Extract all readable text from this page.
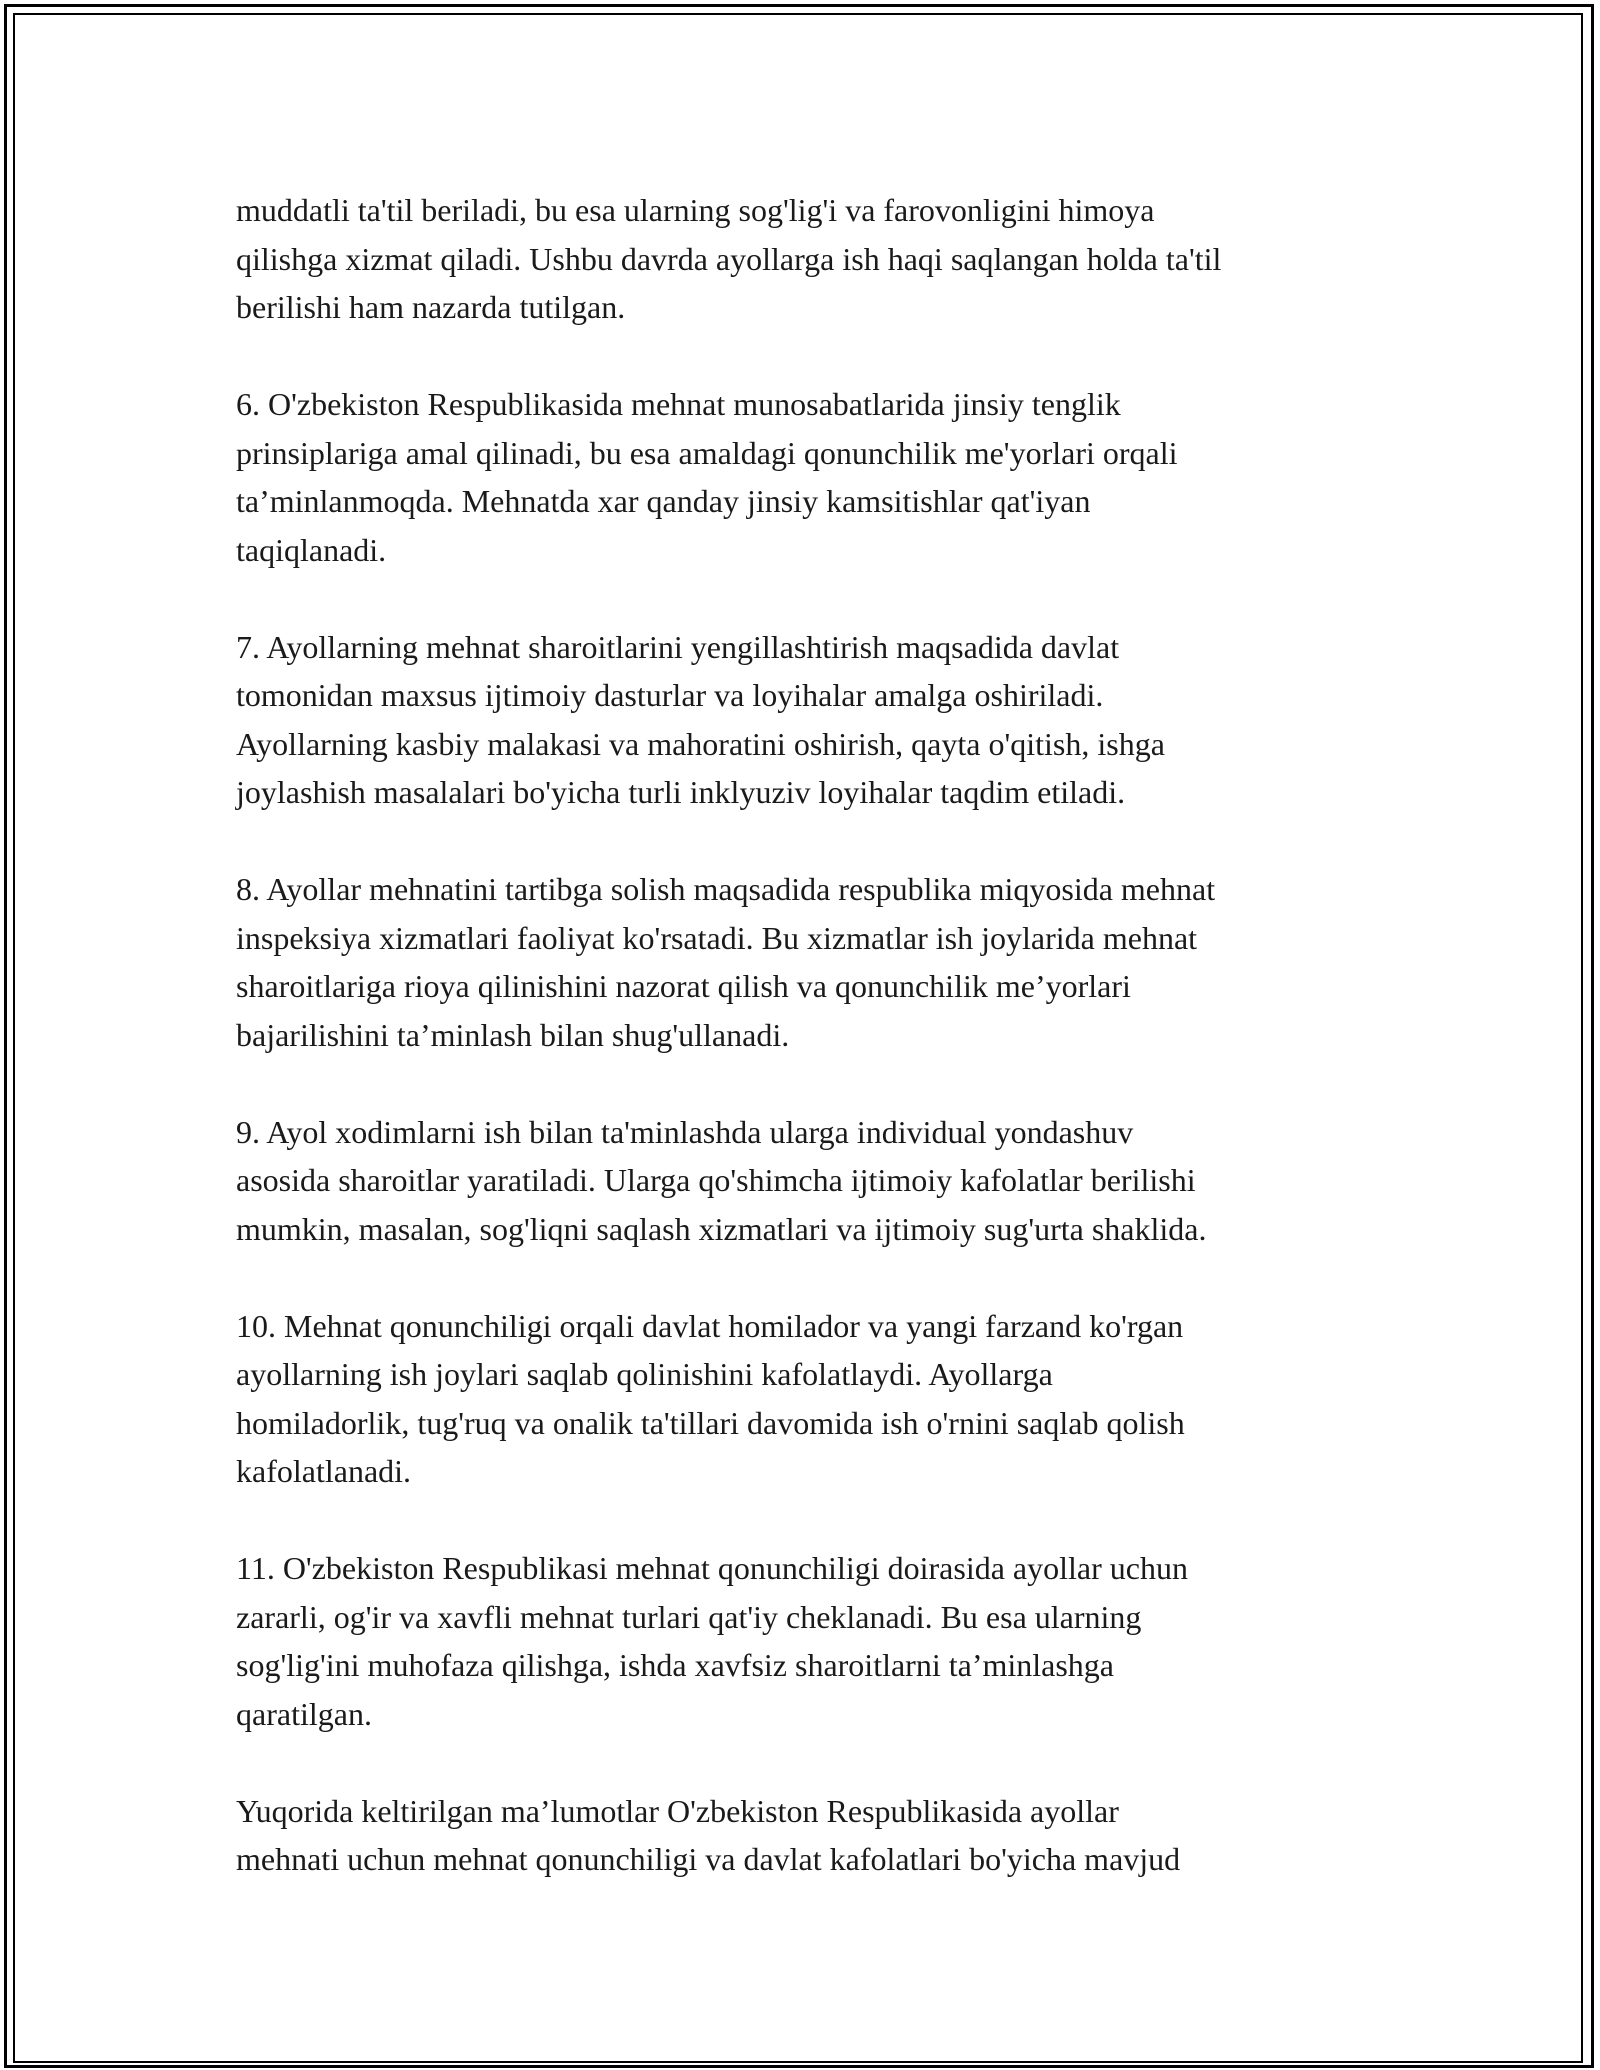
muddatli ta'til beriladi, bu esa ularning sog'lig'i va farovonligini himoya
qilishga xizmat qiladi. Ushbu davrda ayollarga ish haqi saqlangan holda ta'til
berilishi ham nazarda tutilgan.

6. O'zbekiston Respublikasida mehnat munosabatlarida jinsiy tenglik
prinsiplariga amal qilinadi, bu esa amaldagi qonunchilik me'yorlari orqali
ta’minlanmoqda. Mehnatda xar qanday jinsiy kamsitishlar qat'iyan
taqiqlanadi.

7. Ayollarning mehnat sharoitlarini yengillashtirish maqsadida davlat
tomonidan maxsus ijtimoiy dasturlar va loyihalar amalga oshiriladi.
Ayollarning kasbiy malakasi va mahoratini oshirish, qayta o'qitish, ishga
joylashish masalalari bo'yicha turli inklyuziv loyihalar taqdim etiladi.

8. Ayollar mehnatini tartibga solish maqsadida respublika miqyosida mehnat
inspeksiya xizmatlari faoliyat ko'rsatadi. Bu xizmatlar ish joylarida mehnat
sharoitlariga rioya qilinishini nazorat qilish va qonunchilik me’yorlari
bajarilishini ta’minlash bilan shug'ullanadi.

9. Ayol xodimlarni ish bilan ta'minlashda ularga individual yondashuv
asosida sharoitlar yaratiladi. Ularga qo'shimcha ijtimoiy kafolatlar berilishi
mumkin, masalan, sog'liqni saqlash xizmatlari va ijtimoiy sug'urta shaklida.

10. Mehnat qonunchiligi orqali davlat homilador va yangi farzand ko'rgan
ayollarning ish joylari saqlab qolinishini kafolatlaydi. Ayollarga
homiladorlik, tug'ruq va onalik ta'tillari davomida ish o'rnini saqlab qolish
kafolatlanadi.

11. O'zbekiston Respublikasi mehnat qonunchiligi doirasida ayollar uchun
zararli, og'ir va xavfli mehnat turlari qat'iy cheklanadi. Bu esa ularning
sog'lig'ini muhofaza qilishga, ishda xavfsiz sharoitlarni ta’minlashga
qaratilgan.

Yuqorida keltirilgan ma’lumotlar O'zbekiston Respublikasida ayollar
mehnati uchun mehnat qonunchiligi va davlat kafolatlari bo'yicha mavjud
